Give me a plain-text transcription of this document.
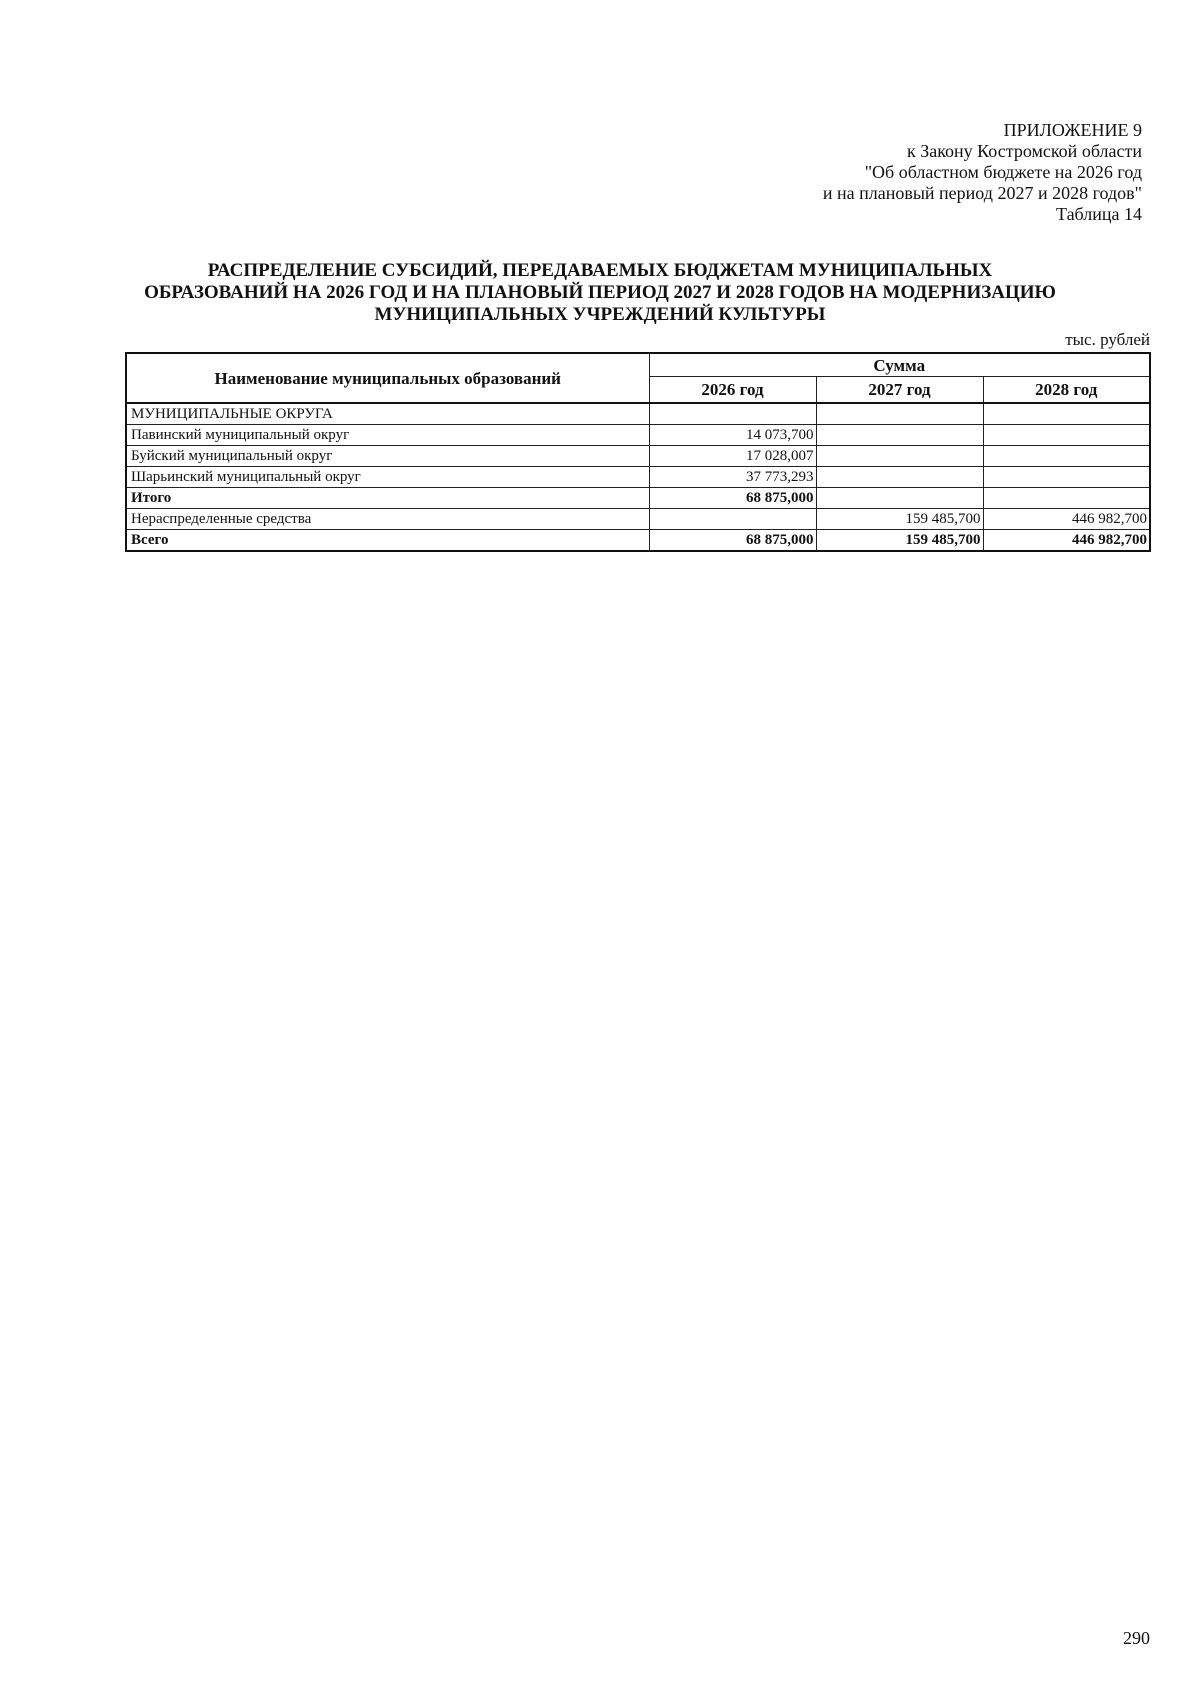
ПРИЛОЖЕНИЕ 9
к Закону Костромской области
"Об областном бюджете на 2026 год
и на плановый период 2027 и 2028 годов"
Таблица 14
РАСПРЕДЕЛЕНИЕ СУБСИДИЙ, ПЕРЕДАВАЕМЫХ БЮДЖЕТАМ МУНИЦИПАЛЬНЫХ
ОБРАЗОВАНИЙ НА 2026 ГОД И НА ПЛАНОВЫЙ ПЕРИОД 2027 И 2028 ГОДОВ НА МОДЕРНИЗАЦИЮ
МУНИЦИПАЛЬНЫХ УЧРЕЖДЕНИЙ КУЛЬТУРЫ
тыс. рублей
Наименование муниципальных образований	Сумма		
	2026 год	2027 год	2028 год
МУНИЦИПАЛЬНЫЕ ОКРУГА			
Павинский муниципальный округ	14 073,700		
Буйский муниципальный округ	17 028,007		
Шарьинский муниципальный округ	37 773,293		
Итого	68 875,000		
Нераспределенные средства		159 485,700	446 982,700
Всего	68 875,000	159 485,700	446 982,700
290
